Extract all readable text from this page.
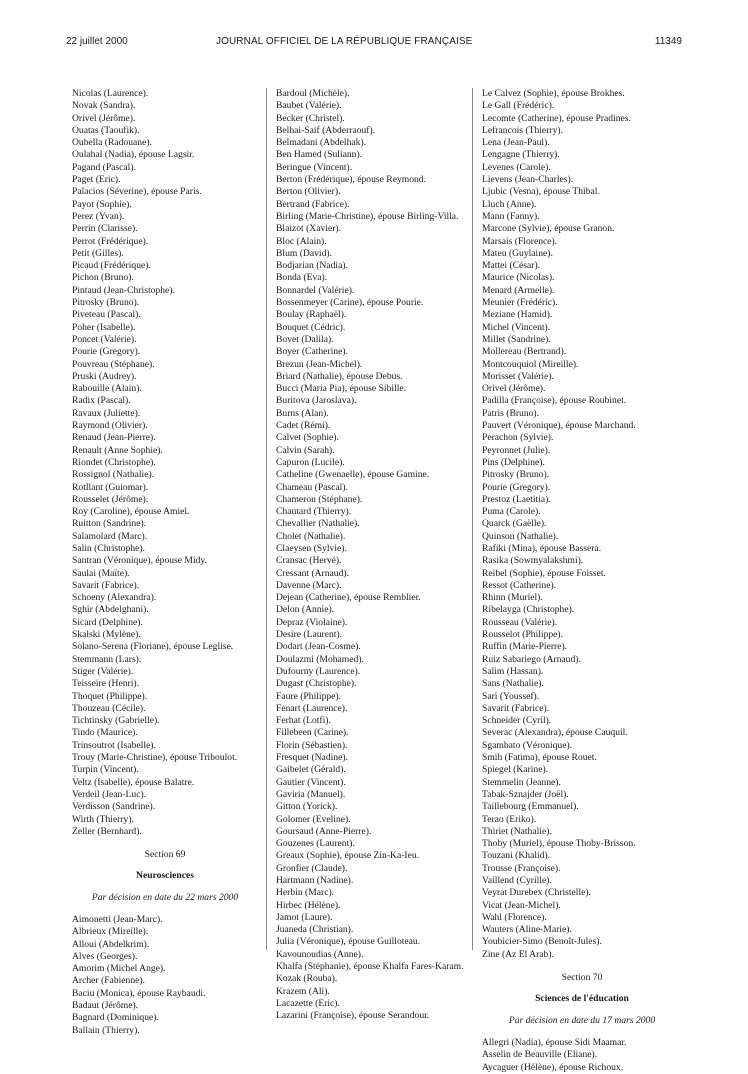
22 juillet 2000	JOURNAL OFFICIEL DE LA RÉPUBLIQUE FRANÇAISE	11349
Nicolas (Laurence).
Novak (Sandra).
Orivel (Jérôme).
Ouatas (Taoufik).
Oubella (Radouane).
Oulahal (Nadia), épouse Lagsir.
Pagand (Pascal).
Paget (Eric).
Palacios (Séverine), épouse Paris.
Payot (Sophie).
Perez (Yvan).
Perrin (Clarisse).
Perrot (Frédérique).
Petit (Gilles).
Picaud (Frédérique).
Pichon (Bruno).
Pintaud (Jean-Christophe).
Pitrosky (Bruno).
Piveteau (Pascal).
Poher (Isabelle).
Poncet (Valérie).
Pourie (Gregory).
Pouvreau (Stéphane).
Pruski (Audrey).
Rabouille (Alain).
Radix (Pascal).
Ravaux (Juliette).
Raymond (Olivier).
Renaud (Jean-Pierre).
Renault (Anne Sophie).
Riondet (Christophe).
Rossignol (Nathalie).
Rotllant (Guiomar).
Rousselet (Jérôme).
Roy (Caroline), épouse Amiel.
Ruitton (Sandrine).
Salamolard (Marc).
Salin (Christophe).
Santran (Véronique), épouse Midy.
Saulai (Maïte).
Savarit (Fabrice).
Schoeny (Alexandra).
Sghir (Abdelghani).
Sicard (Delphine).
Skalski (Mylène).
Solano-Serena (Floriane), épouse Leglise.
Stemmann (Lars).
Stiger (Valérie).
Teisseire (Henri).
Thoquet (Philippe).
Thouzeau (Cécile).
Tichtinsky (Gabrielle).
Tindo (Maurice).
Trinsoutrot (Isabelle).
Trouy (Marie-Christine), épouse Triboulot.
Turpin (Vincent).
Veltz (Isabelle), épouse Balatre.
Verdeil (Jean-Luc).
Verdisson (Sandrine).
Wirth (Thierry).
Zeller (Bernhard).
Section 69
Neurosciences
Par décision en date du 22 mars 2000
Aimonetti (Jean-Marc).
Albrieux (Mireille).
Alloui (Abdelkrim).
Alves (Georges).
Amorim (Michel Ange).
Archer (Fabienne).
Baciu (Monica), épouse Raybaudi.
Badaut (Jérôme).
Bagnard (Dominique).
Ballain (Thierry).
Bardoul (Michèle).
Baubet (Valérie).
Becker (Christel).
Belhai-Saif (Abderraouf).
Belmadani (Abdelhak).
Ben Hamed (Suliann).
Beringue (Vincent).
Berton (Frédérique), épouse Reymond.
Berton (Olivier).
Bertrand (Fabrice).
Birling (Marie-Christine), épouse Birling-Villa.
Blaizot (Xavier).
Bloc (Alain).
Blum (David).
Bodjarian (Nadia).
Bonda (Eva).
Bonnardel (Valérie).
Bossenmeyer (Carine), épouse Pourie.
Boulay (Raphaël).
Bouquet (Cédric).
Bovet (Dalila).
Boyer (Catherine).
Brezun (Jean-Michel).
Briard (Nathalie), épouse Debus.
Bucci (Maria Pia), épouse Sibille.
Buritova (Jaroslava).
Burns (Alan).
Cadet (Rémi).
Calvet (Sophie).
Calvin (Sarah).
Capuron (Lucile).
Catheline (Gwenaelle), épouse Gamine.
Chameau (Pascal).
Chameron (Stéphane).
Chautard (Thierry).
Chevallier (Nathalie).
Cholet (Nathalie).
Claeysen (Sylvie).
Cransac (Hervé).
Cressant (Arnaud).
Davenne (Marc).
Dejean (Catherine), épouse Remblier.
Delon (Annie).
Depraz (Violaine).
Desire (Laurent).
Dodart (Jean-Cosme).
Doulazmi (Mohamed).
Dufourny (Laurence).
Dugast (Christophe).
Faure (Philippe).
Fenart (Laurence).
Ferhat (Lotfi).
Fillebeen (Carine).
Florin (Sébastien).
Fresquet (Nadine).
Gaibelet (Gérald).
Gautier (Vincent).
Gaviria (Manuel).
Gitton (Yorick).
Golomer (Eveline).
Goursaud (Anne-Pierre).
Gouzenes (Laurent).
Greaux (Sophie), épouse Zin-Ka-Ieu.
Gronfier (Claude).
Hartmann (Nadine).
Herbin (Marc).
Hirbec (Hélène).
Jamot (Laure).
Juaneda (Christian).
Julia (Véronique), épouse Guilloteau.
Kavounoudias (Anne).
Khalfa (Stéphanie), épouse Khalfa Fares-Karam.
Kozak (Rouba).
Krazem (Ali).
Lacazette (Eric).
Lazarini (Françoise), épouse Serandour.
Le Calvez (Sophie), épouse Brokhes.
Le Gall (Frédéric).
Lecomte (Catherine), épouse Pradines.
Lefrancois (Thierry).
Lena (Jean-Paul).
Lengagne (Thierry).
Levenes (Carole).
Lievens (Jean-Charles).
Ljubic (Vesna), épouse Thibal.
Lluch (Anne).
Mann (Fanny).
Marcone (Sylvie), épouse Granon.
Marsais (Florence).
Mateu (Guylaine).
Mattei (César).
Maurice (Nicolas).
Menard (Armelle).
Meunier (Frédéric).
Meziane (Hamid).
Michel (Vincent).
Millet (Sandrine).
Mollereau (Bertrand).
Montcouquiol (Mireille).
Morisset (Valérie).
Orivel (Jérôme).
Padilla (Françoise), épouse Roubinet.
Patris (Bruno).
Pauvert (Véronique), épouse Marchand.
Perachon (Sylvie).
Peyronnet (Julie).
Pins (Delphine).
Pitrosky (Bruno).
Pourie (Gregory).
Prestoz (Laetitia).
Puma (Carole).
Quarck (Gaëlle).
Quinson (Nathalie).
Rafiki (Mina), épouse Bassera.
Rasika (Sowmyalakshmi).
Reibel (Sophie), épouse Foisset.
Ressot (Catherine).
Rhinn (Muriel).
Ribelayga (Christophe).
Rousseau (Valérie).
Rousselot (Philippe).
Ruffin (Marie-Pierre).
Ruiz Sabariego (Arnaud).
Salim (Hassan).
Sans (Nathalie).
Sari (Youssef).
Savarit (Fabrice).
Schneider (Cyril).
Severac (Alexandra), épouse Cauquil.
Sgambato (Véronique).
Smih (Fatima), épouse Rouet.
Spiegel (Karine).
Stemmelin (Jeanne).
Tabak-Sznajder (Joël).
Taillebourg (Emmanuel).
Terao (Eriko).
Thiriet (Nathalie).
Thoby (Muriel), épouse Thoby-Brisson.
Touzani (Khalid).
Trousse (Françoise).
Vaillend (Cyrille).
Veyrat Durebex (Christelle).
Vicat (Jean-Michel).
Wahl (Florence).
Wauters (Aline-Marie).
Youbicier-Simo (Benoît-Jules).
Zine (Az El Arab).
Section 70
Sciences de l'éducation
Par décision en date du 17 mars 2000
Allegri (Nadia), épouse Sidi Maamar.
Asselin de Beauville (Eliane).
Aycaguer (Hélène), épouse Richoux.
